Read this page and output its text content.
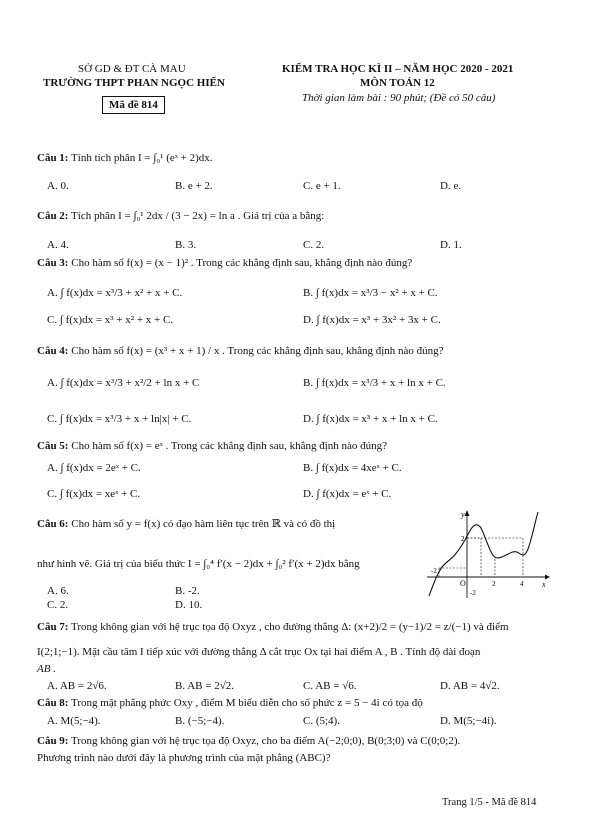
SỞ GD & ĐT CÀ MAU
TRƯỜNG THPT PHAN NGỌC HIỂN
Mã đề 814
KIỂM TRA HỌC KÌ II – NĂM HỌC 2020 - 2021
MÔN TOÁN 12
Thời gian làm bài : 90 phút; (Đề có 50 câu)
Câu 1: Tính tích phân I = ∫₀¹ (eˣ + 2)dx.
A. 0.	B. e + 2.	C. e + 1.	D. e.
Câu 2: Tích phân I = ∫₀¹ 2dx / (3 − 2x) = ln a . Giá trị của a bằng:
A. 4.	B. 3.	C. 2.	D. 1.
Câu 3: Cho hàm số f(x) = (x − 1)² . Trong các khẳng định sau, khẳng định nào đúng?
A. ∫ f(x)dx = x³/3 + x² + x + C.	B. ∫ f(x)dx = x³/3 − x² + x + C.
C. ∫ f(x)dx = x³ + x² + x + C.	D. ∫ f(x)dx = x³ + 3x² + 3x + C.
Câu 4: Cho hàm số f(x) = (x³ + x + 1) / x . Trong các khẳng định sau, khẳng định nào đúng?
A. ∫ f(x)dx = x³/3 + x²/2 + ln x + C	B. ∫ f(x)dx = x³/3 + x + ln x + C.
C. ∫ f(x)dx = x³/3 + x + ln|x| + C.	D. ∫ f(x)dx = x³ + x + ln x + C.
Câu 5: Cho hàm số f(x) = eˣ . Trong các khẳng định sau, khẳng định nào đúng?
A. ∫ f(x)dx = 2eˣ + C.	B. ∫ f(x)dx = 4xeˣ + C.
C. ∫ f(x)dx = xeˣ + C.	D. ∫ f(x)dx = eˣ + C.
Câu 6: Cho hàm số y = f(x) có đạo hàm liên tục trên ℝ và có đồ thị
như hình vẽ. Giá trị của biểu thức I = ∫₀⁴ f′(x − 2)dx + ∫₀² f′(x + 2)dx bằng
A. 6.	B. -2.
C. 2.	D. 10.
y
x
O
-2
2	4
2
-2
Câu 7: Trong không gian với hệ trục tọa độ Oxyz , cho đường thẳng Δ: (x+2)/2 = (y−1)/2 = z/(−1) và điểm
I(2;1;−1). Mặt cầu tâm I tiếp xúc với đường thẳng Δ cắt trục Ox tại hai điểm A , B . Tính độ dài đoạn
AB .
A. AB = 2√6.	B. AB = 2√2.	C. AB = √6.	D. AB = 4√2.
Câu 8: Trong mặt phẳng phức Oxy , điểm M biểu diễn cho số phức z = 5 − 4i có tọa độ
A. M(5;−4).	B. (−5;−4).	C. (5;4).	D. M(5;−4i).
Câu 9: Trong không gian với hệ trục tọa độ Oxyz, cho ba điểm A(−2;0;0), B(0;3;0) và C(0;0;2).
Phương trình nào dưới đây là phương trình của mặt phẳng (ABC)?
Trang 1/5 - Mã đề 814
